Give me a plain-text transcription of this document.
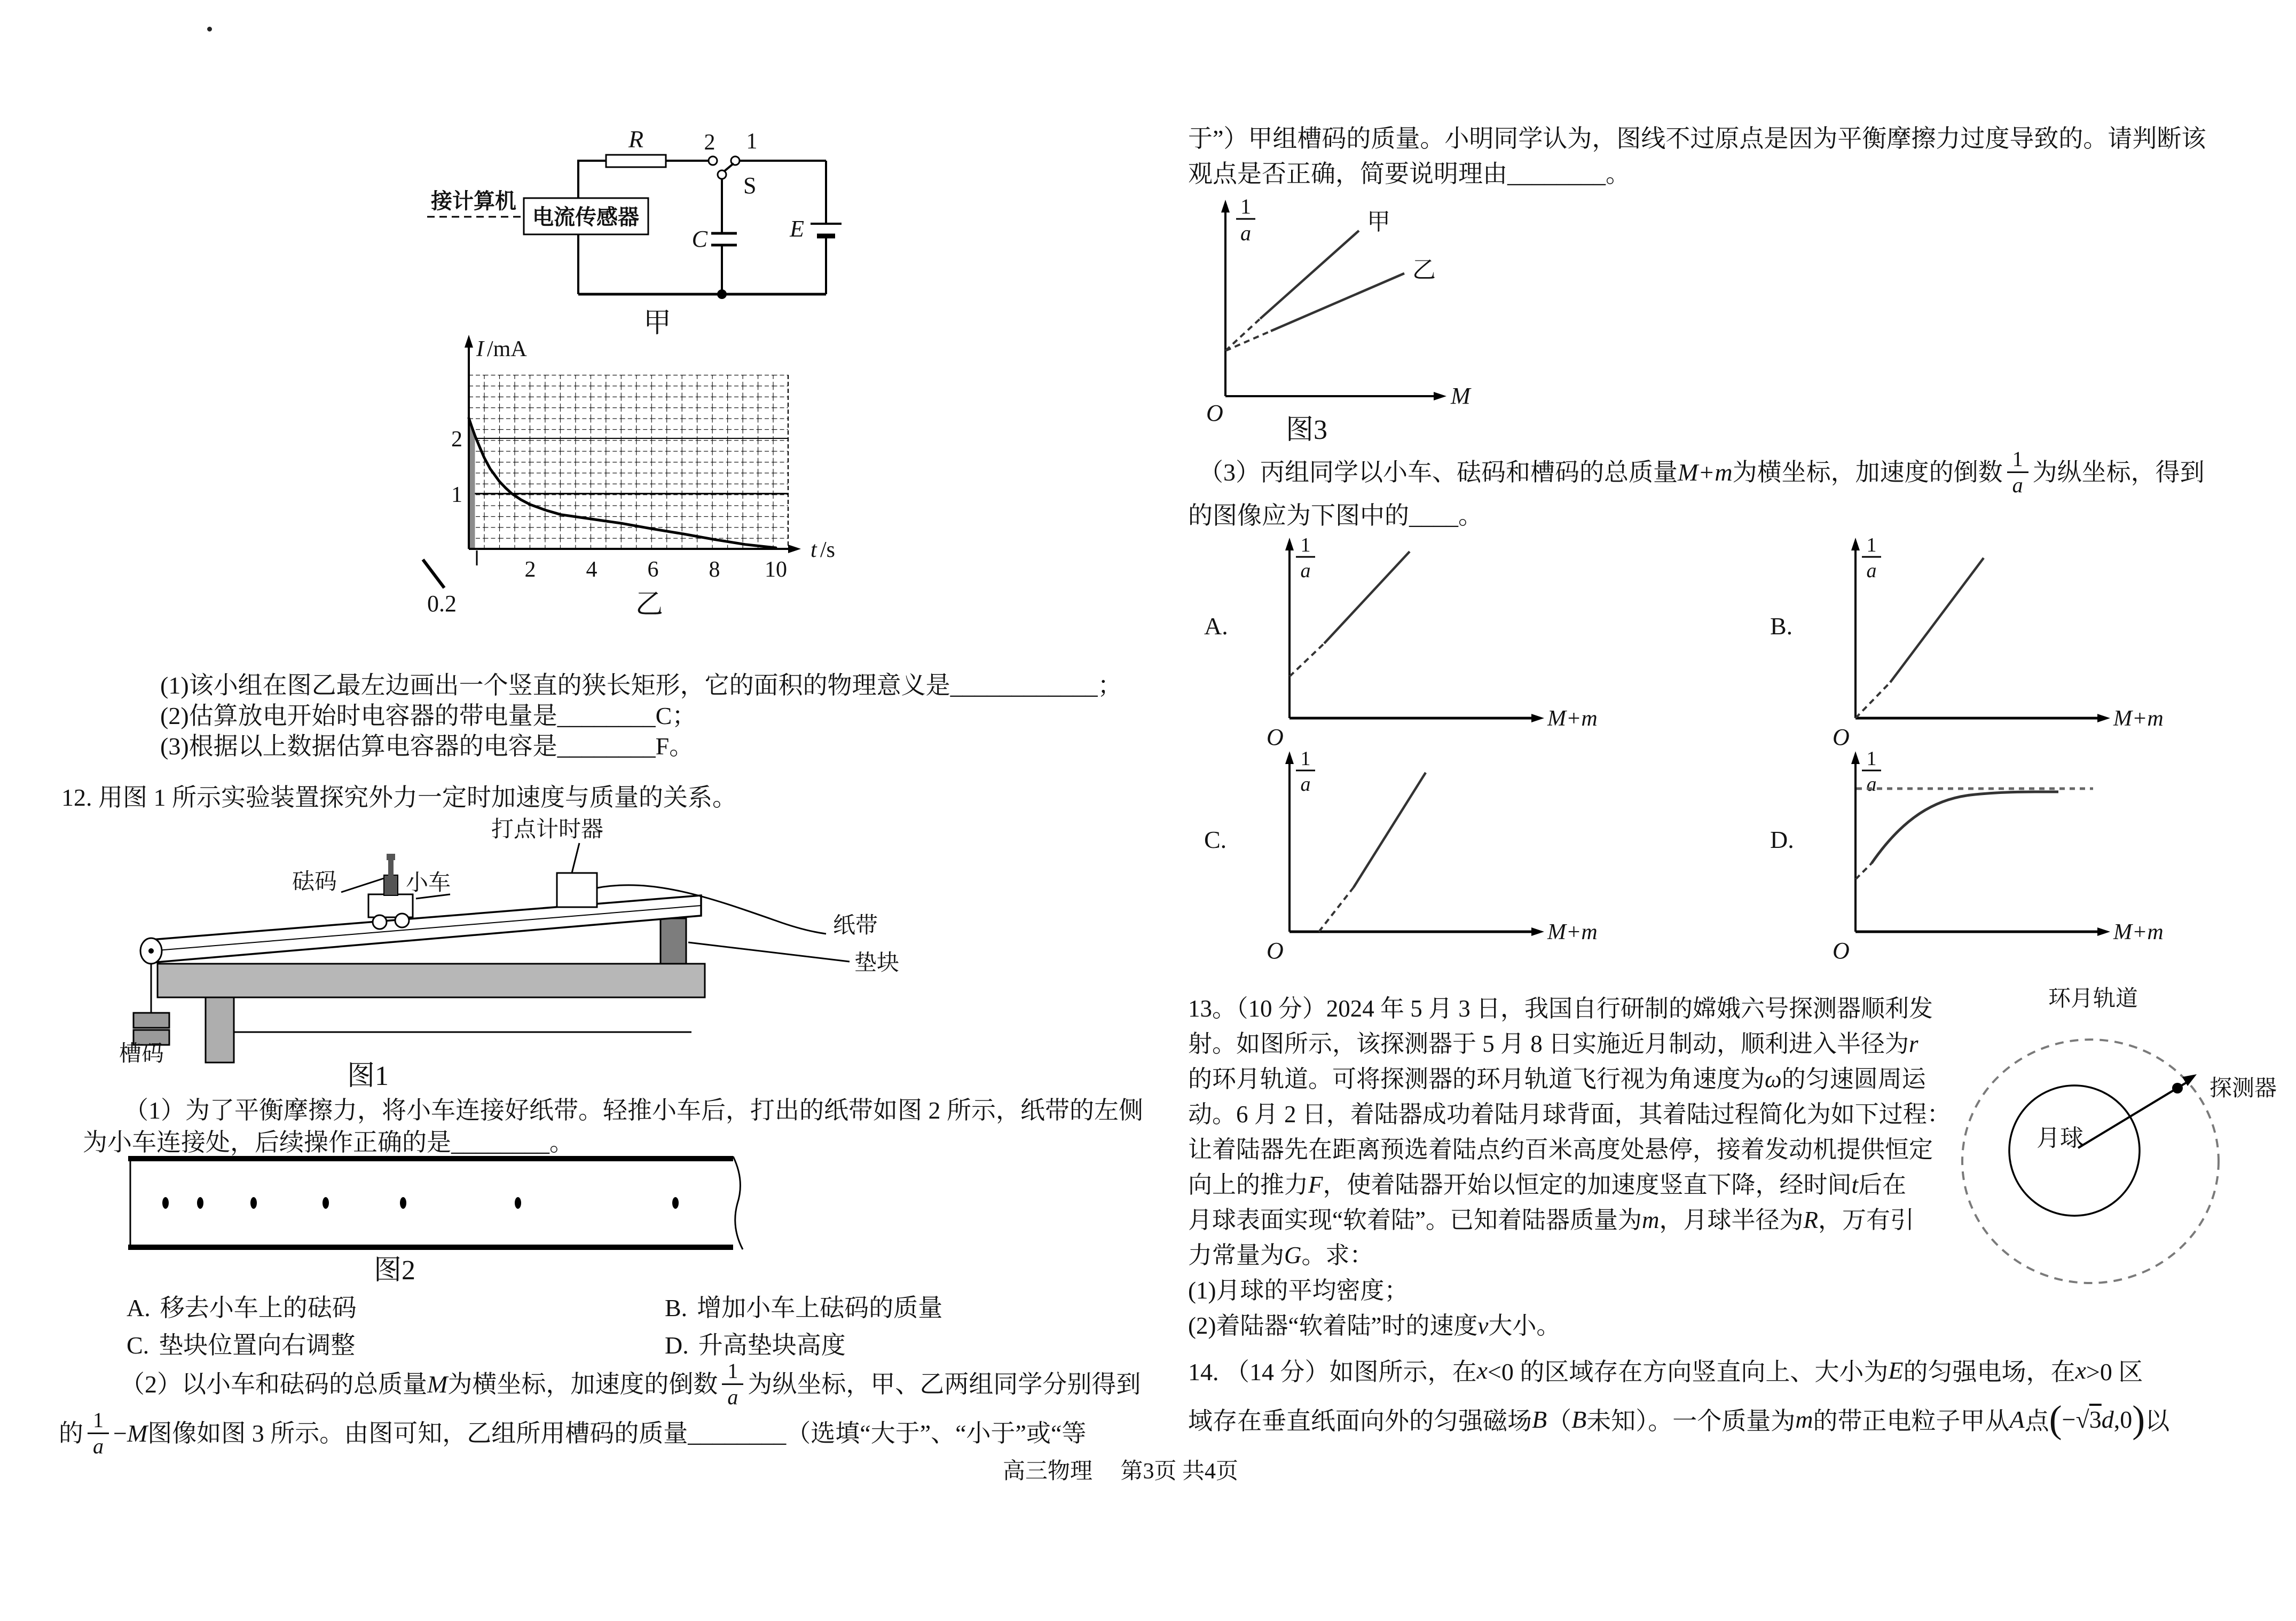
R	2 1
S
电流传感器
接计算机
C	E
甲
I /mA
2
1
2 4 6 8 10
t /s
0.2	乙
(1)该小组在图乙最左边画出一个竖直的狭长矩形，它的面积的物理意义是____________；
(2)估算放电开始时电容器的带电量是________C；
(3)根据以上数据估算电容器的电容是________F。
12. 用图 1 所示实验装置探究外力一定时加速度与质量的关系。
打点计时器
砝码	小车
纸带
垫块
槽码
图1
（1）为了平衡摩擦力，将小车连接好纸带。轻推小车后，打出的纸带如图 2 所示，纸带的左侧
为小车连接处，后续操作正确的是________。
图2
A. 移去小车上的砝码	B. 增加小车上砝码的质量
C. 垫块位置向右调整	D. 升高垫块高度
（2）以小车和砝码的总质量 M 为横坐标，加速度的倒数 $\frac{1}{a}$ 为纵坐标，甲、乙两组同学分别得到
的 $\frac{1}{a} - M$ 图像如图 3 所示。由图可知，乙组所用槽码的质量________（选填“大于”、“小于”或“等
于”）甲组槽码的质量。小明同学认为，图线不过原点是因为平衡摩擦力过度导致的。请判断该
观点是否正确，简要说明理由________。
1
a
M
O
甲
乙
图3
（3）丙组同学以小车、砝码和槽码的总质量 M+m 为横坐标，加速度的倒数 $\frac{1}{a}$ 为纵坐标，得到
的图像应为下图中的____。
A.
1
a
O
M+m
B.
1
a
O
M+m
C.
1
a
O
M+m
D.
1
a
O
M+m
13。（10 分）2024 年 5 月 3 日，我国自行研制的嫦娥六号探测器顺利发
射。如图所示，该探测器于 5 月 8 日实施近月制动，顺利进入半径为 r
的环月轨道。可将探测器的环月轨道飞行视为角速度为 ω 的匀速圆周运
动。6 月 2 日，着陆器成功着陆月球背面，其着陆过程简化为如下过程：
让着陆器先在距离预选着陆点约百米高度处悬停，接着发动机提供恒定
向上的推力 F ，使着陆器开始以恒定的加速度竖直下降，经时间 t 后在
月球表面实现“软着陆”。已知着陆器质量为 m ，月球半径为 R ，万有引
力常量为 G 。求：
(1)月球的平均密度；
(2)着陆器“软着陆”时的速度 v 大小。
环月轨道
月球
探测器
14. （14 分）如图所示，在 x <0 的区域存在方向竖直向上、大小为 E 的匀强电场，在 x >0 区
域存在垂直纸面向外的匀强磁场 B （ B 未知）。一个质量为 m 的带正电粒子甲从 A 点 ( −√ 3 d ,0 ) 以
高三物理　 第3页 共4页
